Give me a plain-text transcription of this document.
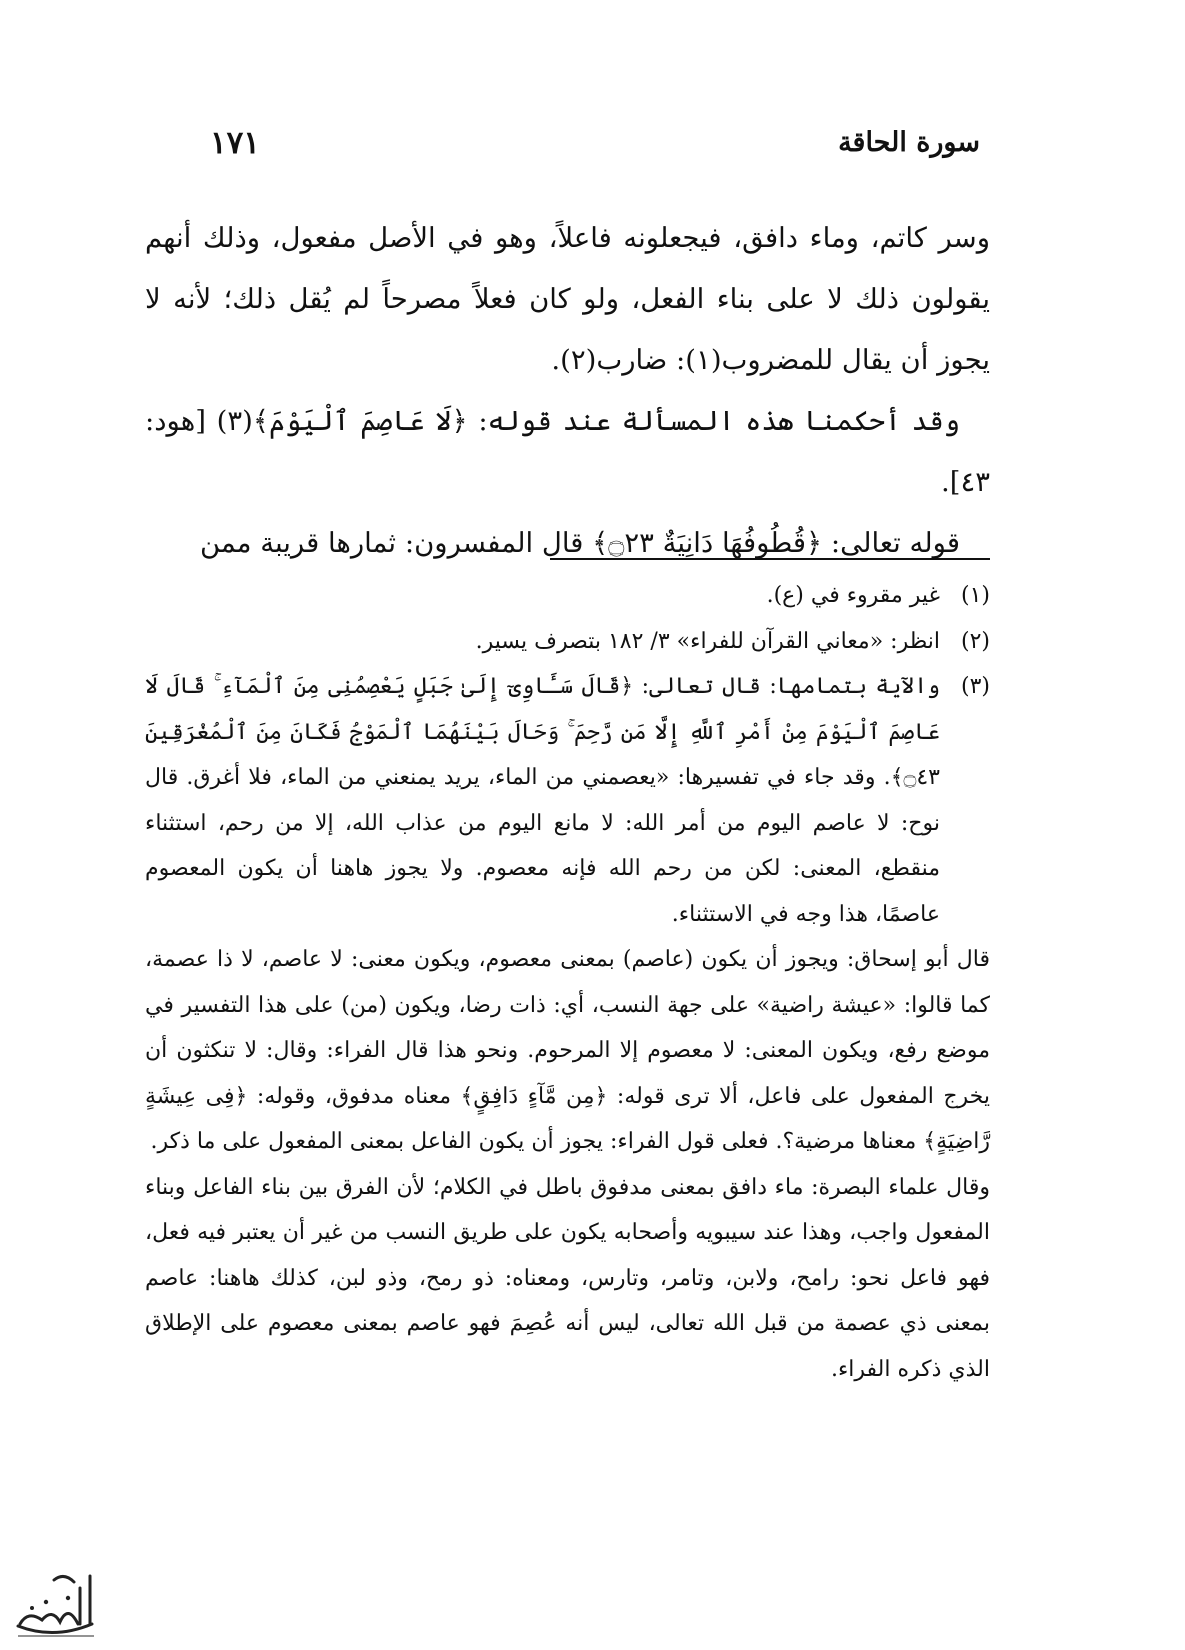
سورة الحاقة
١٧١

وسر كاتم، وماء دافق، فيجعلونه فاعلاً، وهو في الأصل مفعول، وذلك أنهم يقولون ذلك لا على بناء الفعل، ولو كان فعلاً مصرحاً لم يُقل ذلك؛ لأنه لا يجوز أن يقال للمضروب(١): ضارب(٢).

وقد أحكمنا هذه المسألة عند قوله: ﴿لَا عَاصِمَ ٱلْيَوْمَ﴾(٣) [هود: ٤٣].

قوله تعالى: ﴿قُطُوفُهَا دَانِيَةٌ ۝٢٣﴾ قال المفسرون: ثمارها قريبة ممن

(١)
غير مقروء في (ع).
(٢)
انظر: «معاني القرآن للفراء» ٣/ ١٨٢ بتصرف يسير.
(٣)
والآية بتمامها: قال تعالى: ﴿قَالَ سَـَٔاوِىٓ إِلَىٰ جَبَلٍ يَعْصِمُنِى مِنَ ٱلْمَآءِ ۚ قَالَ لَا عَاصِمَ ٱلْيَوْمَ مِنْ أَمْرِ ٱللَّهِ إِلَّا مَن رَّحِمَ ۚ وَحَالَ بَيْنَهُمَا ٱلْمَوْجُ فَكَانَ مِنَ ٱلْمُغْرَقِينَ ۝٤٣﴾. وقد جاء في تفسيرها: «يعصمني من الماء، يريد يمنعني من الماء، فلا أغرق. قال نوح: لا عاصم اليوم من أمر الله: لا مانع اليوم من عذاب الله، إلا من رحم، استثناء منقطع، المعنى: لكن من رحم الله فإنه معصوم. ولا يجوز هاهنا أن يكون المعصوم عاصمًا، هذا وجه في الاستثناء.
قال أبو إسحاق: ويجوز أن يكون (عاصم) بمعنى معصوم، ويكون معنى: لا عاصم، لا ذا عصمة، كما قالوا: «عيشة راضية» على جهة النسب، أي: ذات رضا، ويكون (من) على هذا التفسير في موضع رفع، ويكون المعنى: لا معصوم إلا المرحوم. ونحو هذا قال الفراء: وقال: لا تنكثون أن يخرج المفعول على فاعل، ألا ترى قوله: ﴿مِن مَّآءٍ دَافِقٍ﴾ معناه مدفوق، وقوله: ﴿فِى عِيشَةٍ رَّاضِيَةٍ﴾ معناها مرضية؟. فعلى قول الفراء: يجوز أن يكون الفاعل بمعنى المفعول على ما ذكر.
وقال علماء البصرة: ماء دافق بمعنى مدفوق باطل في الكلام؛ لأن الفرق بين بناء الفاعل وبناء المفعول واجب، وهذا عند سيبويه وأصحابه يكون على طريق النسب من غير أن يعتبر فيه فعل، فهو فاعل نحو: رامح، ولابن، وتامر، وتارس، ومعناه: ذو رمح، وذو لبن، كذلك هاهنا: عاصم بمعنى ذي عصمة من قبل الله تعالى، ليس أنه عُصِمَ فهو عاصم بمعنى معصوم على الإطلاق الذي ذكره الفراء.
